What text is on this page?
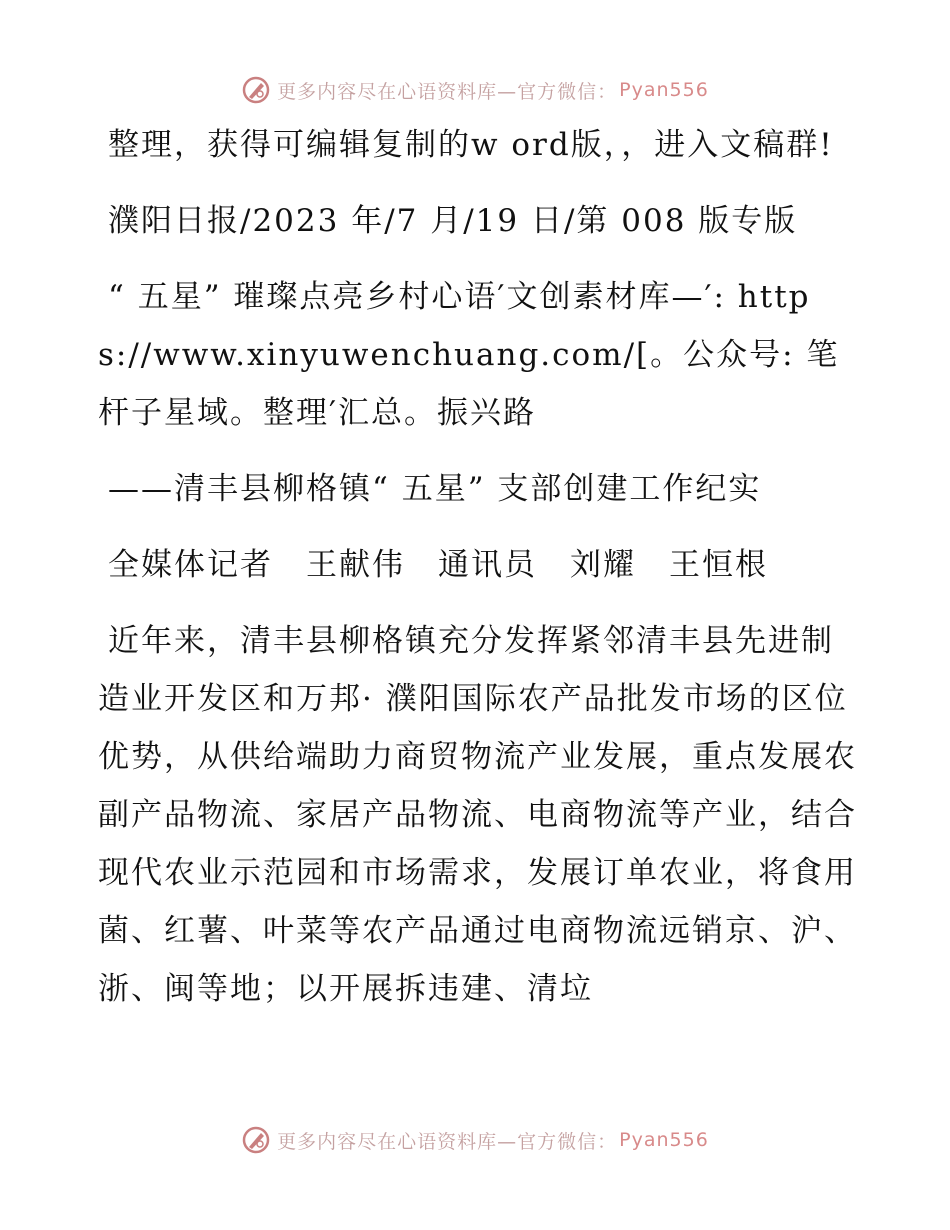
更多内容尽在心语资料库—官方微信： Pyan556

整理，获得可编辑复制的w ord版，，进入文稿群!

濮阳日报/2023 年/7 月/19 日/第 008 版专版

“ 五星” 璀璨点亮乡村心语′文创素材库—′: https://www.xinyuwenchuang.com/[。公众号: 笔杆子星域。整理′汇总。振兴路

——清丰县柳格镇“ 五星” 支部创建工作纪实

全媒体记者　王献伟　通讯员　刘耀　王恒根

近年来，清丰县柳格镇充分发挥紧邻清丰县先进制造业开发区和万邦· 濮阳国际农产品批发市场的区位优势，从供给端助力商贸物流产业发展，重点发展农副产品物流、家居产品物流、电商物流等产业，结合现代农业示范园和市场需求，发展订单农业，将食用菌、红薯、叶菜等农产品通过电商物流远销京、沪、浙、闽等地；以开展拆违建、清垃

更多内容尽在心语资料库—官方微信： Pyan556
